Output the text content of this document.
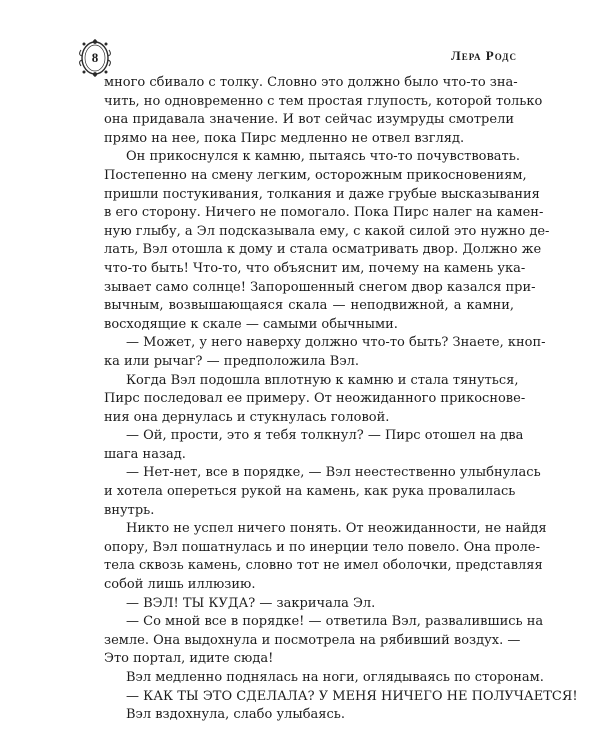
8	Лера Родс
много сбивало с толку. Словно это должно было что-то зна-
чить, но одновременно с тем простая глупость, которой только
она придавала значение. И вот сейчас изумруды смотрели
прямо на нее, пока Пирс медленно не отвел взгляд.
Он прикоснулся к камню, пытаясь что-то почувствовать.
Постепенно на смену легким, осторожным прикосновениям,
пришли постукивания, толкания и даже грубые высказывания
в его сторону. Ничего не помогало. Пока Пирс налег на камен-
ную глыбу, а Эл подсказывала ему, с какой силой это нужно де-
лать, Вэл отошла к дому и стала осматривать двор. Должно же
что-то быть! Что-то, что объяснит им, почему на камень ука-
зывает само солнце! Запорошенный снегом двор казался при-
вычным, возвышающаяся скала — неподвижной, а камни,
восходящие к скале — самыми обычными.
— Может, у него наверху должно что-то быть? Знаете, кноп-
ка или рычаг? — предположила Вэл.
Когда Вэл подошла вплотную к камню и стала тянуться,
Пирс последовал ее примеру. От неожиданного прикоснове-
ния она дернулась и стукнулась головой.
— Ой, прости, это я тебя толкнул? — Пирс отошел на два
шага назад.
— Нет-нет, все в порядке, — Вэл неестественно улыбнулась
и хотела опереться рукой на камень, как рука провалилась
внутрь.
Никто не успел ничего понять. От неожиданности, не найдя
опору, Вэл пошатнулась и по инерции тело повело. Она проле-
тела сквозь камень, словно тот не имел оболочки, представляя
собой лишь иллюзию.
— ВЭЛ! ТЫ КУДА? — закричала Эл.
— Со мной все в порядке! — ответила Вэл, развалившись на
земле. Она выдохнула и посмотрела на рябивший воздух. —
Это портал, идите сюда!
Вэл медленно поднялась на ноги, оглядываясь по сторонам.
— КАК ТЫ ЭТО СДЕЛАЛА? У МЕНЯ НИЧЕГО НЕ ПОЛУЧАЕТСЯ!
Вэл вздохнула, слабо улыбаясь.
